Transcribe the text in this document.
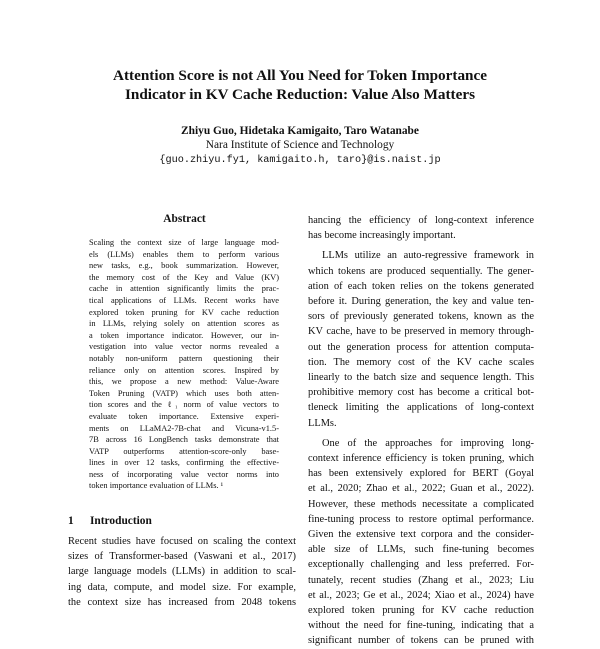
Attention Score is not All You Need for Token Importance
Indicator in KV Cache Reduction: Value Also Matters
Zhiyu Guo, Hidetaka Kamigaito, Taro Watanabe
Nara Institute of Science and Technology
{guo.zhiyu.fy1, kamigaito.h, taro}@is.naist.jp
Abstract
Scaling the context size of large language mod-
els (LLMs) enables them to perform various
new tasks, e.g., book summarization. However,
the memory cost of the Key and Value (KV)
cache in attention significantly limits the prac-
tical applications of LLMs. Recent works have
explored token pruning for KV cache reduction
in LLMs, relying solely on attention scores as
a token importance indicator. However, our in-
vestigation into value vector norms revealed a
notably non-uniform pattern questioning their
reliance only on attention scores. Inspired by
this, we propose a new method: Value-Aware
Token Pruning (VATP) which uses both atten-
tion scores and the ℓ₁ norm of value vectors to
evaluate token importance. Extensive experi-
ments on LLaMA2-7B-chat and Vicuna-v1.5-
7B across 16 LongBench tasks demonstrate that
VATP outperforms attention-score-only base-
lines in over 12 tasks, confirming the effective-
ness of incorporating value vector norms into
token importance evaluation of LLMs. ¹
1 Introduction
Recent studies have focused on scaling the context
sizes of Transformer-based (Vaswani et al., 2017)
large language models (LLMs) in addition to scal-
ing data, compute, and model size. For example,
the context size has increased from 2048 tokens
hancing the efficiency of long-context inference
has become increasingly important.
LLMs utilize an auto-regressive framework in
which tokens are produced sequentially. The gener-
ation of each token relies on the tokens generated
before it. During generation, the key and value ten-
sors of previously generated tokens, known as the
KV cache, have to be preserved in memory through-
out the generation process for attention computa-
tion. The memory cost of the KV cache scales
linearly to the batch size and sequence length. This
prohibitive memory cost has become a critical bot-
tleneck limiting the applications of long-context
LLMs.
One of the approaches for improving long-
context inference efficiency is token pruning, which
has been extensively explored for BERT (Goyal
et al., 2020; Zhao et al., 2022; Guan et al., 2022).
However, these methods necessitate a complicated
fine-tuning process to restore optimal performance.
Given the extensive text corpora and the consider-
able size of LLMs, such fine-tuning becomes
exceptionally challenging and less preferred. For-
tunately, recent studies (Zhang et al., 2023; Liu
et al., 2023; Ge et al., 2024; Xiao et al., 2024) have
explored token pruning for KV cache reduction
without the need for fine-tuning, indicating that a
significant number of tokens can be pruned with
